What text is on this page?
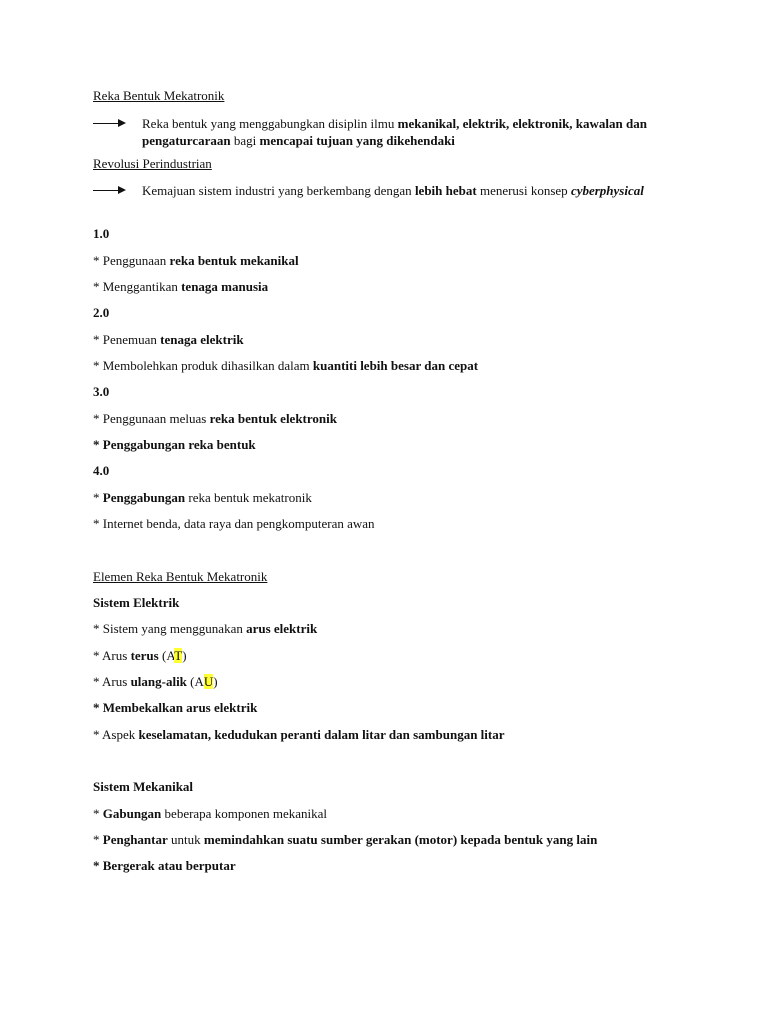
Reka Bentuk Mekatronik
Reka bentuk yang menggabungkan disiplin ilmu mekanikal, elektrik, elektronik, kawalan dan pengaturcaraan bagi mencapai tujuan yang dikehendaki
Revolusi Perindustrian
Kemajuan sistem industri yang berkembang dengan lebih hebat menerusi konsep cyberphysical
1.0
* Penggunaan reka bentuk mekanikal
* Menggantikan tenaga manusia
2.0
* Penemuan tenaga elektrik
* Membolehkan produk dihasilkan dalam kuantiti lebih besar dan cepat
3.0
* Penggunaan meluas reka bentuk elektronik
* Penggabungan reka bentuk
4.0
* Penggabungan reka bentuk mekatronik
* Internet benda, data raya dan pengkomputeran awan
Elemen Reka Bentuk Mekatronik
Sistem Elektrik
* Sistem yang menggunakan arus elektrik
* Arus terus (AT)
* Arus ulang-alik (AU)
* Membekalkan arus elektrik
* Aspek keselamatan, kedudukan peranti dalam litar dan sambungan litar
Sistem Mekanikal
* Gabungan beberapa komponen mekanikal
* Penghantar untuk memindahkan suatu sumber gerakan (motor) kepada bentuk yang lain
* Bergerak atau berputar
